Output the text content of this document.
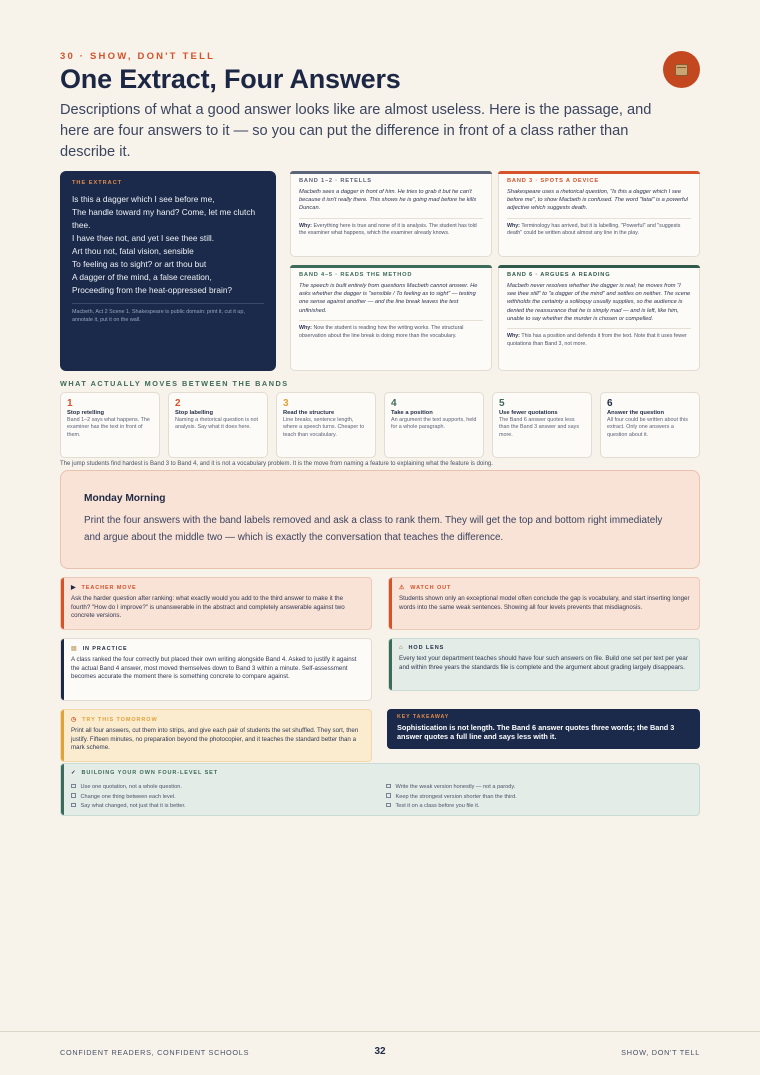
30 · SHOW, DON'T TELL
One Extract, Four Answers
Descriptions of what a good answer looks like are almost useless. Here is the passage, and here are four answers to it — so you can put the difference in front of a class rather than describe it.
THE EXTRACT
Is this a dagger which I see before me,
The handle toward my hand? Come, let me clutch
thee.
I have thee not, and yet I see thee still.
Art thou not, fatal vision, sensible
To feeling as to sight? or art thou but
A dagger of the mind, a false creation,
Proceeding from the heat-oppressed brain?
Macbeth, Act 2 Scene 1. Shakespeare is public domain: print it, cut it up, annotate it, put it on the wall.
BAND 1–2 · RETELLS
Macbeth sees a dagger in front of him. He tries to grab it but he can't because it isn't really there. This shows he is going mad before he kills Duncan.
Why: Everything here is true and none of it is analysis. The student has told the examiner what happens, which the examiner already knows.
BAND 3 · SPOTS A DEVICE
Shakespeare uses a rhetorical question, "Is this a dagger which I see before me", to show Macbeth is confused. The word "fatal" is a powerful adjective which suggests death.
Why: Terminology has arrived, but it is labelling. "Powerful" and "suggests death" could be written about almost any line in the play.
BAND 4–5 · READS THE METHOD
The speech is built entirely from questions Macbeth cannot answer. He asks whether the dagger is "sensible / To feeling as to sight" — testing one sense against another — and the line break leaves the test unfinished.
Why: Now the student is reading how the writing works. The structural observation about the line break is doing more than the vocabulary.
BAND 6 · ARGUES A READING
Macbeth never resolves whether the dagger is real; he moves from "I see thee still" to "a dagger of the mind" and settles on neither. The scene withholds the certainty a soliloquy usually supplies, so the audience is denied the reassurance that he is simply mad — and is left, like him, unable to say whether the murder is chosen or compelled.
Why: This has a position and defends it from the text. Note that it uses fewer quotations than Band 3, not more.
WHAT ACTUALLY MOVES BETWEEN THE BANDS
1
Stop retelling
Band 1–2 says what happens. The examiner has the text in front of them.
2
Stop labelling
Naming a rhetorical question is not analysis. Say what it does here.
3
Read the structure
Line breaks, sentence length, where a speech turns. Cheaper to teach than vocabulary.
4
Take a position
An argument the text supports, held for a whole paragraph.
5
Use fewer quotations
The Band 6 answer quotes less than the Band 3 answer and says more.
6
Answer the question
All four could be written about this extract. Only one answers a question about it.
The jump students find hardest is Band 3 to Band 4, and it is not a vocabulary problem. It is the move from naming a feature to explaining what the feature is doing.
Monday Morning
Print the four answers with the band labels removed and ask a class to rank them. They will get the top and bottom right immediately and argue about the middle two — which is exactly the conversation that teaches the difference.
▶ TEACHER MOVE
Ask the harder question after ranking: what exactly would you add to the third answer to make it the fourth? "How do I improve?" is unanswerable in the abstract and completely answerable against two concrete versions.
⚠ WATCH OUT
Students shown only an exceptional model often conclude the gap is vocabulary, and start inserting longer words into the same weak sentences. Showing all four levels prevents that misdiagnosis.
▤ IN PRACTICE
A class ranked the four correctly but placed their own writing alongside Band 4. Asked to justify it against the actual Band 4 answer, most moved themselves down to Band 3 within a minute. Self-assessment becomes accurate the moment there is something concrete to compare against.
⌂ HOD LENS
Every text your department teaches should have four such answers on file. Build one set per text per year and within three years the standards file is complete and the argument about grading largely disappears.
◷ TRY THIS TOMORROW
Print all four answers, cut them into strips, and give each pair of students the set shuffled. They sort, then justify. Fifteen minutes, no preparation beyond the photocopier, and it teaches the standard better than a mark scheme.
KEY TAKEAWAY
Sophistication is not length. The Band 6 answer quotes three words; the Band 3 answer quotes a full line and says less with it.
✓ BUILDING YOUR OWN FOUR-LEVEL SET
Use one quotation, not a whole question.
Change one thing between each level.
Say what changed, not just that it is better.
Write the weak version honestly — not a parody.
Keep the strongest version shorter than the third.
Test it on a class before you file it.
CONFIDENT READERS, CONFIDENT SCHOOLS	32	SHOW, DON'T TELL
